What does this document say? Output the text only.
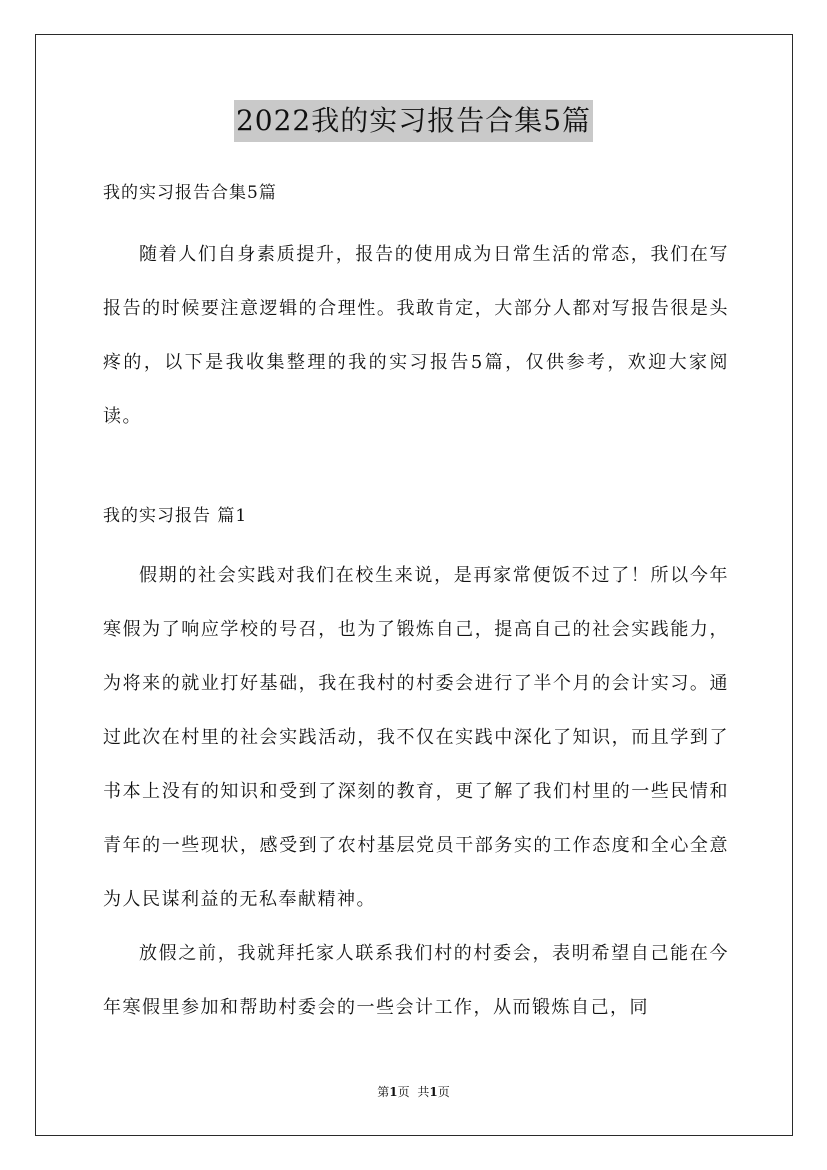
2022我的实习报告合集5篇

我的实习报告合集5篇

随着人们自身素质提升，报告的使用成为日常生活的常态，我们在写报告的时候要注意逻辑的合理性。我敢肯定，大部分人都对写报告很是头疼的，以下是我收集整理的我的实习报告5篇，仅供参考，欢迎大家阅读。

我的实习报告 篇1

假期的社会实践对我们在校生来说，是再家常便饭不过了！所以今年寒假为了响应学校的号召，也为了锻炼自己，提高自己的社会实践能力，为将来的就业打好基础，我在我村的村委会进行了半个月的会计实习。通过此次在村里的社会实践活动，我不仅在实践中深化了知识，而且学到了书本上没有的知识和受到了深刻的教育，更了解了我们村里的一些民情和青年的一些现状，感受到了农村基层党员干部务实的工作态度和全心全意为人民谋利益的无私奉献精神。

放假之前，我就拜托家人联系我们村的村委会，表明希望自己能在今年寒假里参加和帮助村委会的一些会计工作，从而锻炼自己，同

第1页 共1页
